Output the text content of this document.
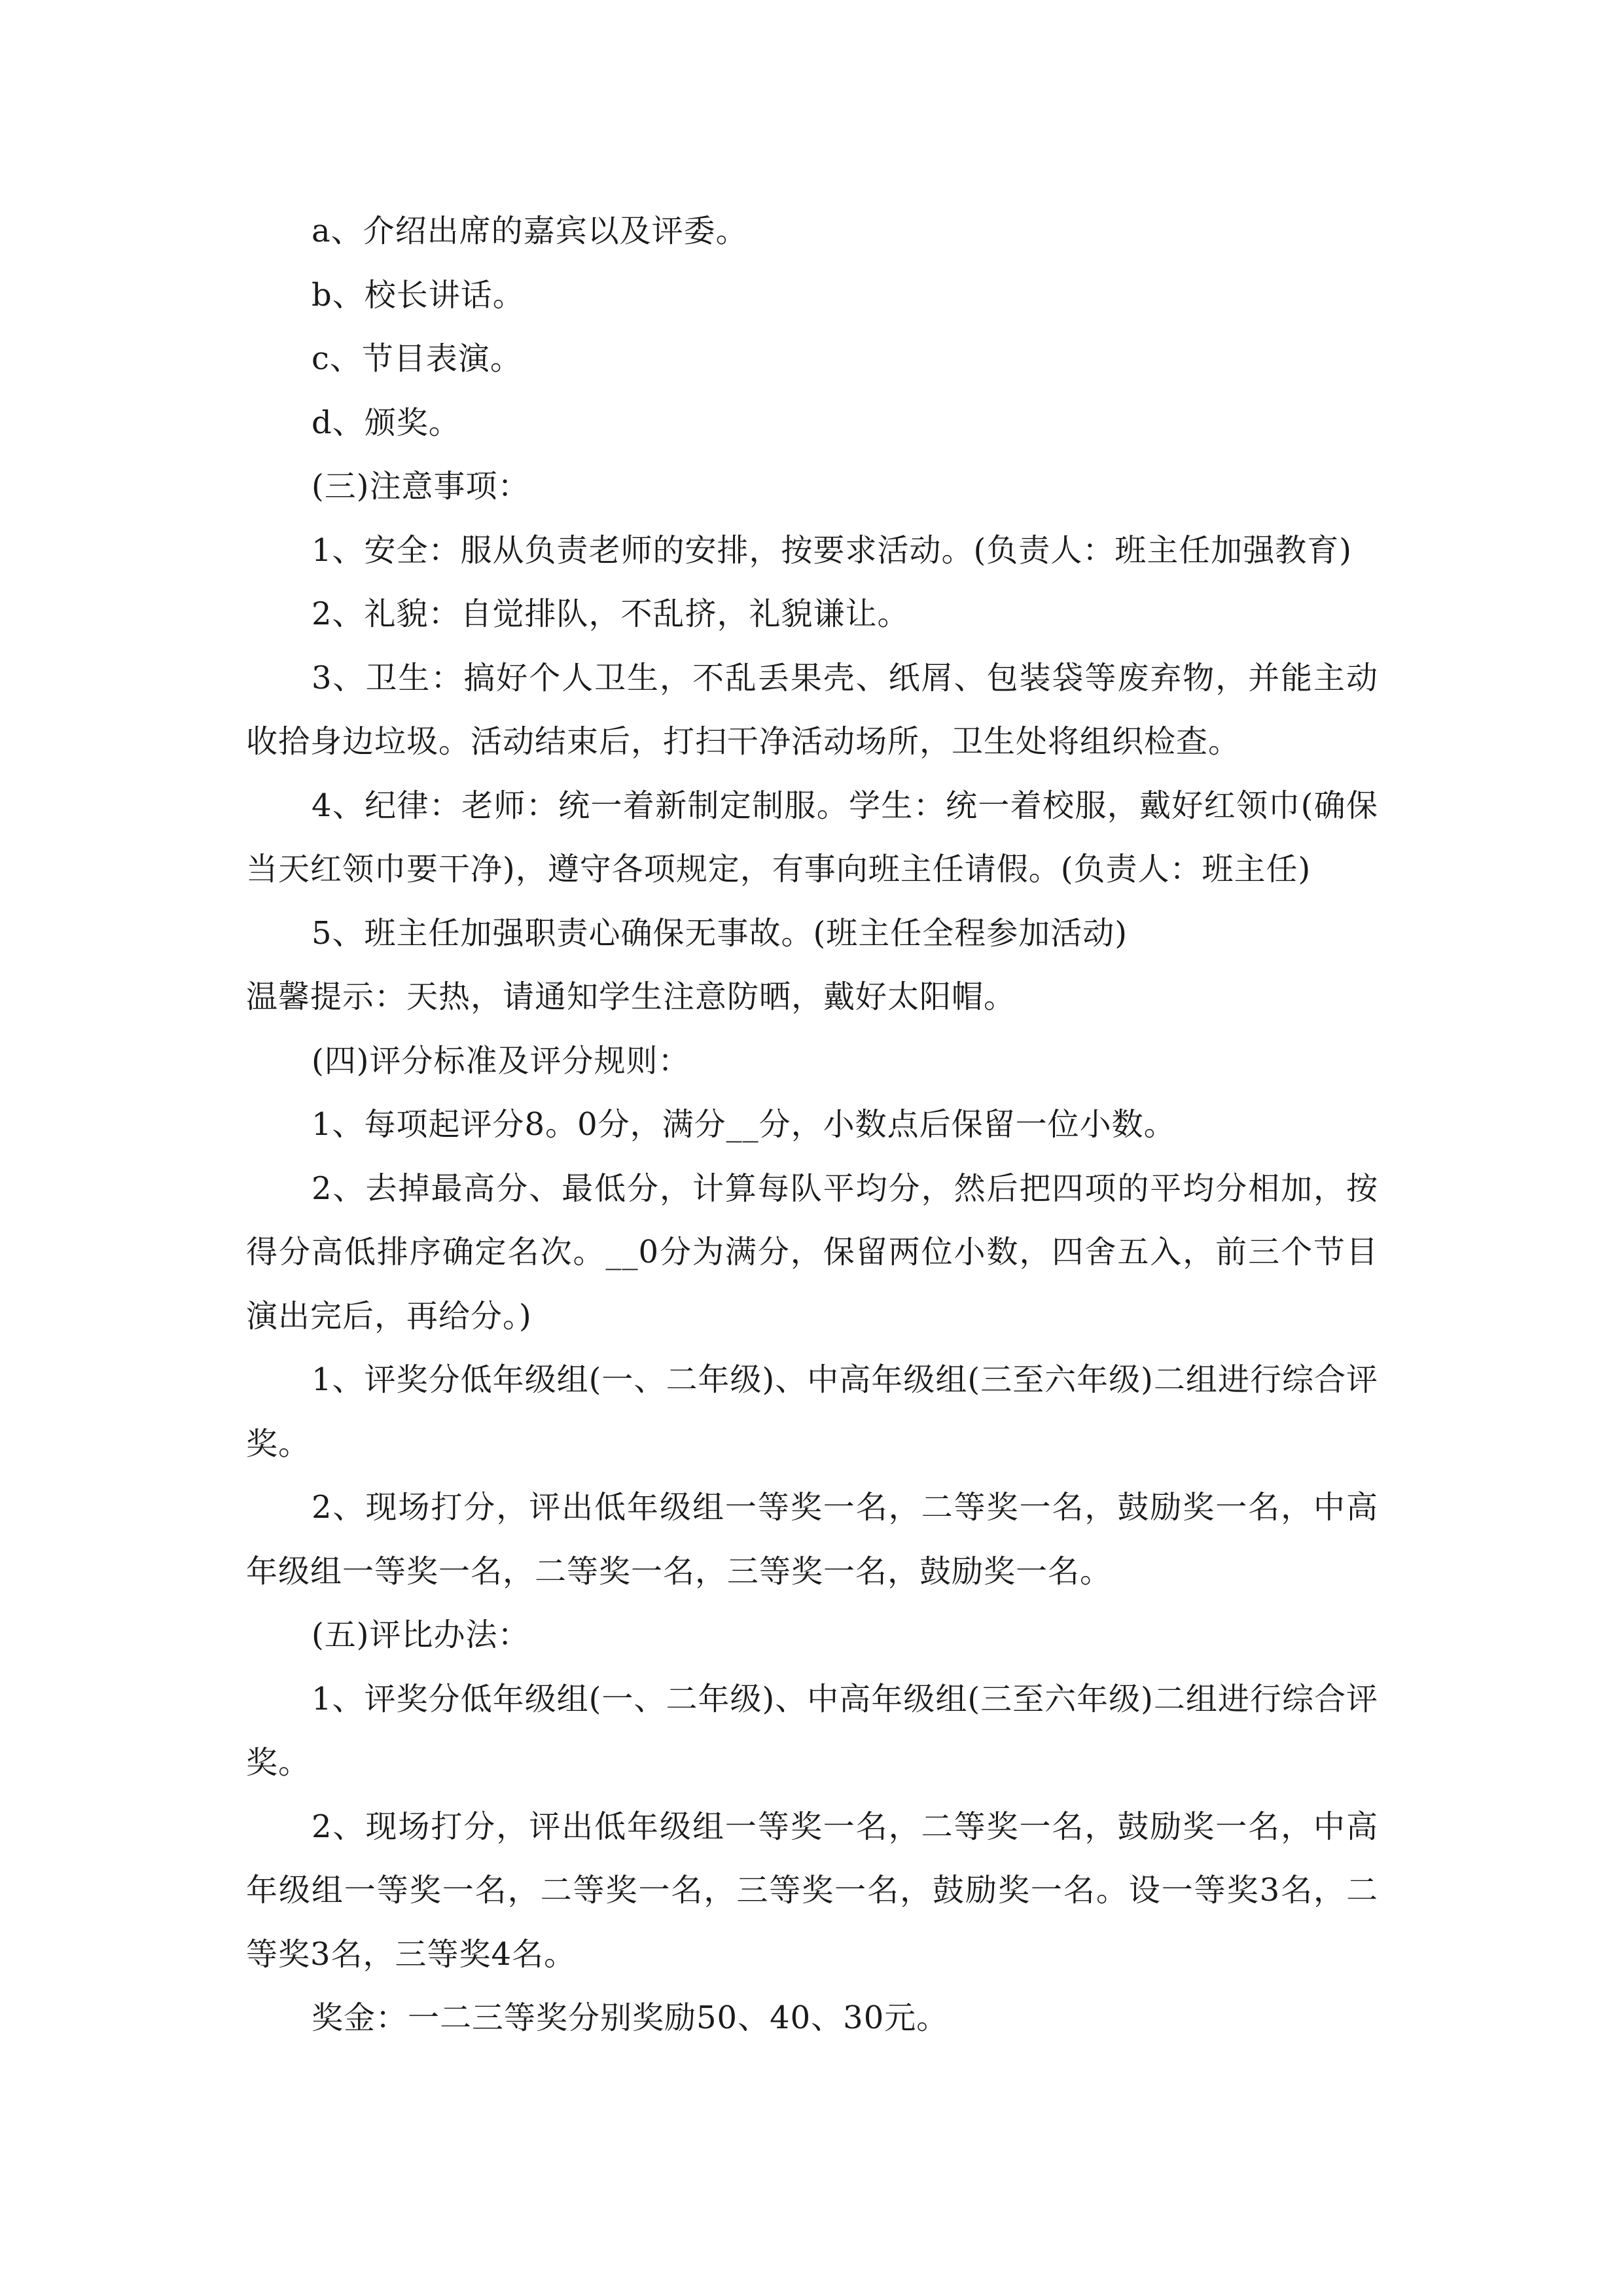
a、介绍出席的嘉宾以及评委。

b、校长讲话。

c、节目表演。

d、颁奖。

(三)注意事项：

1、安全：服从负责老师的安排，按要求活动。(负责人：班主任加强教育)

2、礼貌：自觉排队，不乱挤，礼貌谦让。

3、卫生：搞好个人卫生，不乱丢果壳、纸屑、包装袋等废弃物，并能主动收拾身边垃圾。活动结束后，打扫干净活动场所，卫生处将组织检查。

4、纪律：老师：统一着新制定制服。学生：统一着校服，戴好红领巾(确保当天红领巾要干净)，遵守各项规定，有事向班主任请假。(负责人：班主任)

5、班主任加强职责心确保无事故。(班主任全程参加活动)

温馨提示：天热，请通知学生注意防晒，戴好太阳帽。

(四)评分标准及评分规则：

1、每项起评分8。0分，满分__分，小数点后保留一位小数。

2、去掉最高分、最低分，计算每队平均分，然后把四项的平均分相加，按得分高低排序确定名次。__0分为满分，保留两位小数，四舍五入，前三个节目演出完后，再给分。)

1、评奖分低年级组(一、二年级)、中高年级组(三至六年级)二组进行综合评奖。

2、现场打分，评出低年级组一等奖一名，二等奖一名，鼓励奖一名，中高年级组一等奖一名，二等奖一名，三等奖一名，鼓励奖一名。

(五)评比办法：

1、评奖分低年级组(一、二年级)、中高年级组(三至六年级)二组进行综合评奖。

2、现场打分，评出低年级组一等奖一名，二等奖一名，鼓励奖一名，中高年级组一等奖一名，二等奖一名，三等奖一名，鼓励奖一名。设一等奖3名，二等奖3名，三等奖4名。

奖金：一二三等奖分别奖励50、40、30元。
